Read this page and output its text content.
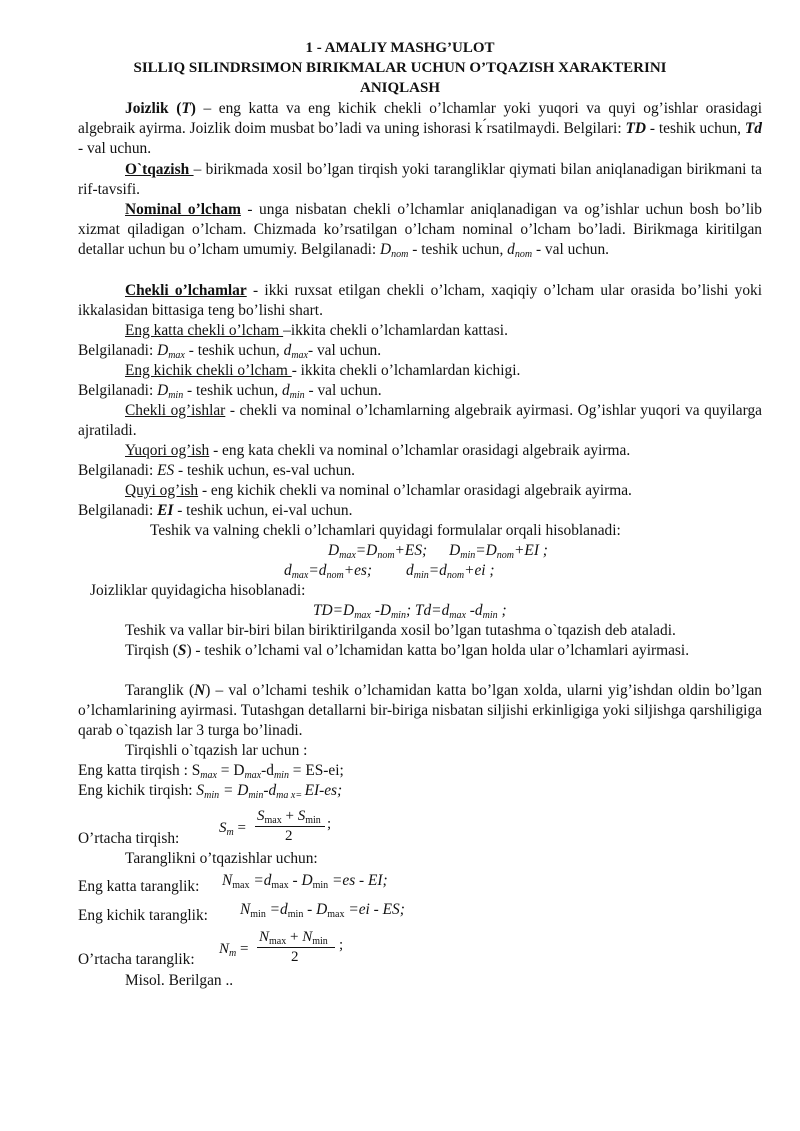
1 - AMALIY MASHG’ULOT
SILLIQ SILINDRSIMON BIRIKMALAR UCHUN O’TQAZISH XARAKTERINI
ANIQLASH
Joizlik (T) – eng katta va eng kichik chekli o’lchamlar yoki yuqori va quyi og’ishlar orasidagi algebraik ayirma. Joizlik doim musbat bo’ladi va uning ishorasi k ́rsatilmaydi. Belgilari: TD - teshik uchun, Td - val uchun.
O`tqazish – birikmada xosil bo’lgan tirqish yoki tarangliklar qiymati bilan aniqlanadigan birikmani ta rif-tavsifi.
Nominal o’lcham - unga nisbatan chekli o’lchamlar aniqlanadigan va og’ishlar uchun bosh bo’lib xizmat qiladigan o’lcham. Chizmada ko’rsatilgan o’lcham nominal o’lcham bo’ladi. Birikmaga kiritilgan detallar uchun bu o’lcham umumiy. Belgilanadi: $D_{nom}$ - teshik uchun, $d_{nom}$ - val uchun.
Chekli o’lchamlar - ikki ruxsat etilgan chekli o’lcham, xaqiqiy o’lcham ular orasida bo’lishi yoki ikkalasidan bittasiga teng bo’lishi shart.
Eng katta chekli o’lcham –ikkita chekli o’lchamlardan kattasi.
Belgilanadi: $D_{max}$ - teshik uchun, $d_{max}-$ val uchun.
Eng kichik chekli o’lcham - ikkita chekli o’lchamlardan kichigi.
Belgilanadi: $D_{min}$ - teshik uchun, $d_{min}$ - val uchun.
Chekli og’ishlar - chekli va nominal o’lchamlarning algebraik ayirmasi. Og’ishlar yuqori va quyilarga ajratiladi.
Yuqori og’ish - eng kata chekli va nominal o’lchamlar orasidagi algebraik ayirma.
Belgilanadi: ES - teshik uchun, es-val uchun.
Quyi og’ish - eng kichik chekli va nominal o’lchamlar orasidagi algebraik ayirma.
Belgilanadi: EI - teshik uchun, ei-val uchun.
Teshik va valning chekli o’lchamlari quyidagi formulalar orqali hisoblanadi:
Dmax=Dnom+ES; Dmin=Dnom+EI ;
dmax=dnom+es; dmin=dnom+ei ;
Joizliklar quyidagicha hisoblanadi:
TD=Dmax -Dmin; Td=dmax -dmin ;
Teshik va vallar bir-biri bilan biriktirilganda xosil bo’lgan tutashma o`tqazish deb ataladi.
Tirqish (S) - teshik o’lchami val o’lchamidan katta bo’lgan holda ular o’lchamlari ayirmasi.
Taranglik (N) – val o’lchami teshik o’lchamidan katta bo’lgan xolda, ularni yig’ishdan oldin bo’lgan o’lchamlarining ayirmasi. Tutashgan detallarni bir-biriga nisbatan siljishi erkinligiga yoki siljishga qarshiligiga qarab o`tqazish lar 3 turga bo’linadi.
Tirqishli o`tqazish lar uchun :
Eng katta tirqish : Smax = Dmax-dmin = ES-ei;
Eng kichik tirqish: Smin = Dmin-dma x= EI-es;
O’rtacha tirqish:
$S_m$ =
$S_{max} + S_{min}$
2
;
Taranglikni o’tqazishlar uchun:
Eng katta taranglik: Nmax =dmax - Dmin =es - EI;
Eng kichik taranglik: Nmin =dmin - Dmax =ei - ES;
O’rtacha taranglik:
$N_m$ =
$N_{max} + N_{min}$
2
;
Misol. Berilgan ..
